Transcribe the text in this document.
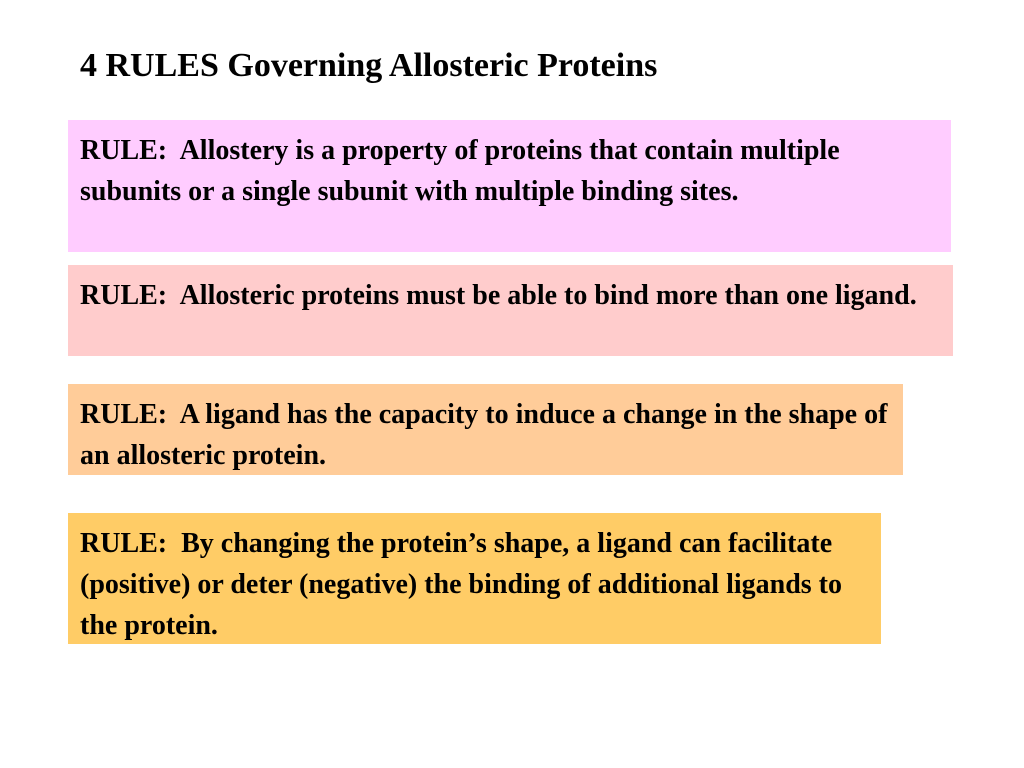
4 RULES Governing Allosteric Proteins
RULE:  Allostery is a property of proteins that contain multiple subunits or a single subunit with multiple binding sites.
RULE:  Allosteric proteins must be able to bind more than one ligand.
RULE:  A ligand has the capacity to induce a change in the shape of an allosteric protein.
RULE:  By changing the protein’s shape, a ligand can facilitate (positive) or deter (negative) the binding of additional ligands to the protein.
